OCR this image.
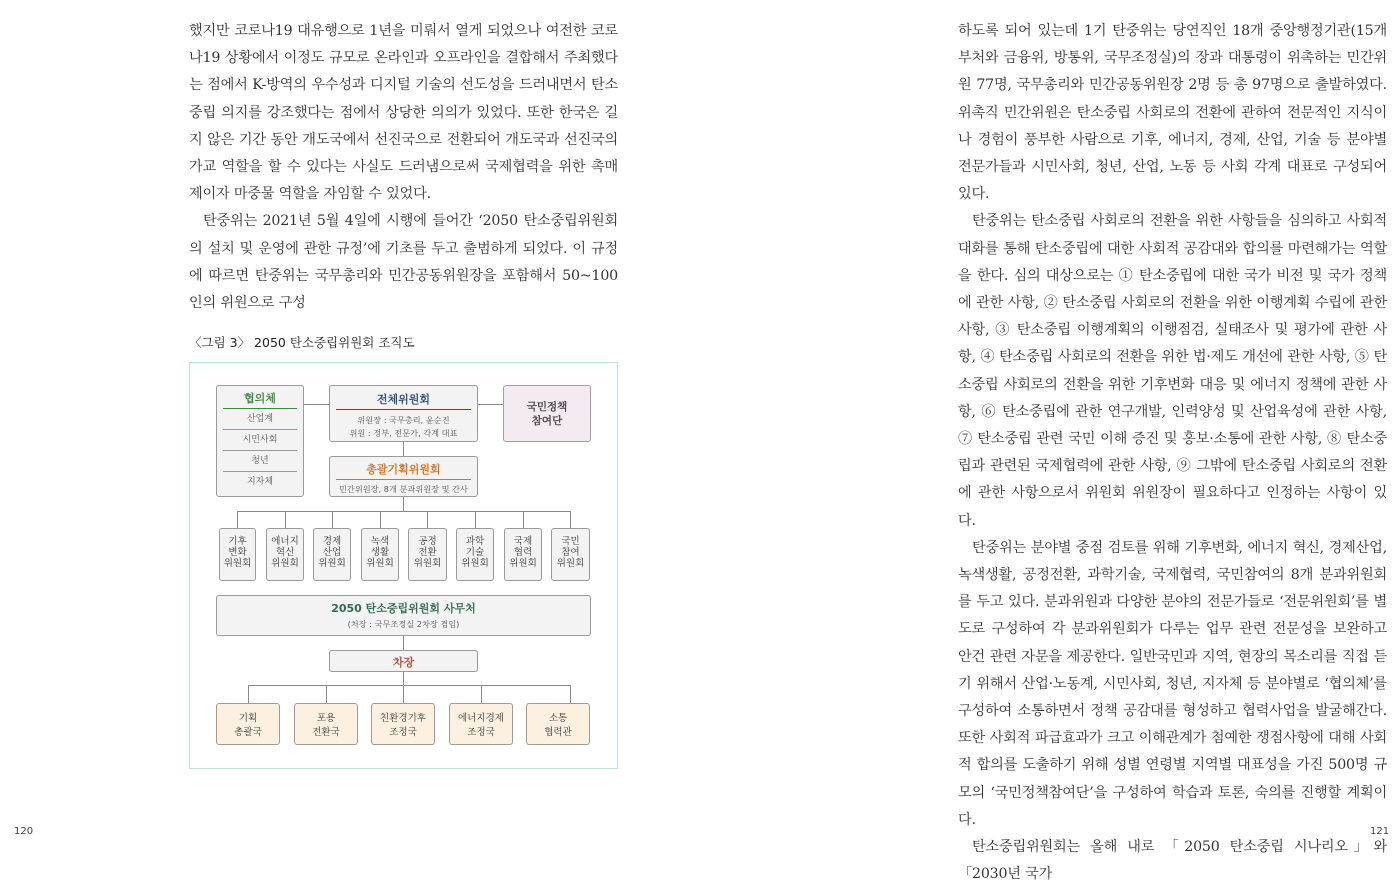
했지만 코로나19 대유행으로 1년을 미뤄서 열게 되었으나 여전한 코로나19 상황에서 이정도 규모로 온라인과 오프라인을 결합해서 주최했다는 점에서 K-방역의 우수성과 디지털 기술의 선도성을 드러내면서 탄소중립 의지를 강조했다는 점에서 상당한 의의가 있었다. 또한 한국은 길지 않은 기간 동안 개도국에서 선진국으로 전환되어 개도국과 선진국의 가교 역할을 할 수 있다는 사실도 드러냄으로써 국제협력을 위한 촉매제이자 마중물 역할을 자임할 수 있었다.

탄중위는 2021년 5월 4일에 시행에 들어간 ‘2050 탄소중립위원회의 설치 및 운영에 관한 규정’에 기초를 두고 출범하게 되었다. 이 규정에 따르면 탄중위는 국무총리와 민간공동위원장을 포함해서 50~100인의 위원으로 구성

〈그림 3〉 2050 탄소중립위원회 조직도
협의체
산업계
시민사회
청년
지자체
전체위원회
위원장 : 국무총리, 윤순진
위원 : 정부, 전문가, 각계 대표
국민정책
참여단
총괄기획위원회
민간위원장, 8개 분과위원장 및 간사
기후
변화
위원회
에너지
혁신
위원회
경제
산업
위원회
녹색
생활
위원회
공정
전환
위원회
과학
기술
위원회
국제
협력
위원회
국민
참여
위원회
2050 탄소중립위원회 사무처
(처장 : 국무조정실 2차장 겸임)
차장
기획
총괄국
포용
전환국
친환경기후
조정국
에너지경제
조정국
소통
협력관

하도록 되어 있는데 1기 탄중위는 당연직인 18개 중앙행정기관(15개 부처와 금융위, 방통위, 국무조정실)의 장과 대통령이 위촉하는 민간위원 77명, 국무총리와 민간공동위원장 2명 등 총 97명으로 출발하였다. 위촉직 민간위원은 탄소중립 사회로의 전환에 관하여 전문적인 지식이나 경험이 풍부한 사람으로 기후, 에너지, 경제, 산업, 기술 등 분야별 전문가들과 시민사회, 청년, 산업, 노동 등 사회 각계 대표로 구성되어 있다.

탄중위는 탄소중립 사회로의 전환을 위한 사항들을 심의하고 사회적 대화를 통해 탄소중립에 대한 사회적 공감대와 합의를 마련해가는 역할을 한다. 심의 대상으로는 ① 탄소중립에 대한 국가 비전 및 국가 정책에 관한 사항, ② 탄소중립 사회로의 전환을 위한 이행계획 수립에 관한 사항, ③ 탄소중립 이행계획의 이행점검, 실태조사 및 평가에 관한 사항, ④ 탄소중립 사회로의 전환을 위한 법·제도 개선에 관한 사항, ⑤ 탄소중립 사회로의 전환을 위한 기후변화 대응 및 에너지 정책에 관한 사항, ⑥ 탄소중립에 관한 연구개발, 인력양성 및 산업육성에 관한 사항, ⑦ 탄소중립 관련 국민 이해 증진 및 홍보·소통에 관한 사항, ⑧ 탄소중립과 관련된 국제협력에 관한 사항, ⑨ 그밖에 탄소중립 사회로의 전환에 관한 사항으로서 위원회 위원장이 필요하다고 인정하는 사항이 있다.

탄중위는 분야별 중점 검토를 위해 기후변화, 에너지 혁신, 경제산업, 녹색생활, 공정전환, 과학기술, 국제협력, 국민참여의 8개 분과위원회를 두고 있다. 분과위원과 다양한 분야의 전문가들로 ‘전문위원회’를 별도로 구성하여 각 분과위원회가 다루는 업무 관련 전문성을 보완하고 안건 관련 자문을 제공한다. 일반국민과 지역, 현장의 목소리를 직접 듣기 위해서 산업·노동계, 시민사회, 청년, 지자체 등 분야별로 ‘협의체’를 구성하여 소통하면서 정책 공감대를 형성하고 협력사업을 발굴해간다. 또한 사회적 파급효과가 크고 이해관계가 첨예한 쟁점사항에 대해 사회적 합의를 도출하기 위해 성별 연령별 지역별 대표성을 가진 500명 규모의 ‘국민정책참여단’을 구성하여 학습과 토론, 숙의를 진행할 계획이다.

탄소중립위원회는 올해 내로 「2050 탄소중립 시나리오」와 「2030년 국가

120	121
